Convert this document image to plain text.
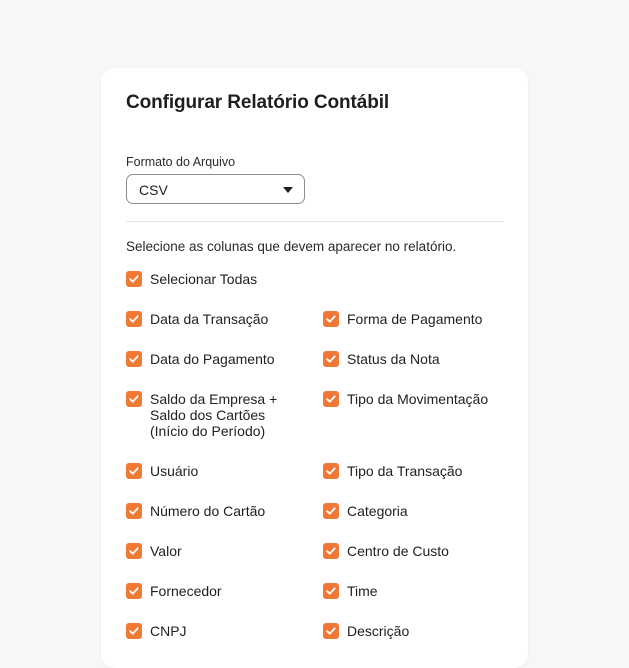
Configurar Relatório Contábil
Formato do Arquivo
CSV
Selecione as colunas que devem aparecer no relatório.
Selecionar Todas
Data da Transação
Data do Pagamento
Saldo da Empresa +
Saldo dos Cartões
(Início do Período)
Usuário
Número do Cartão
Valor
Fornecedor
CNPJ
Forma de Pagamento
Status da Nota
Tipo da Movimentação
Tipo da Transação
Categoria
Centro de Custo
Time
Descrição
